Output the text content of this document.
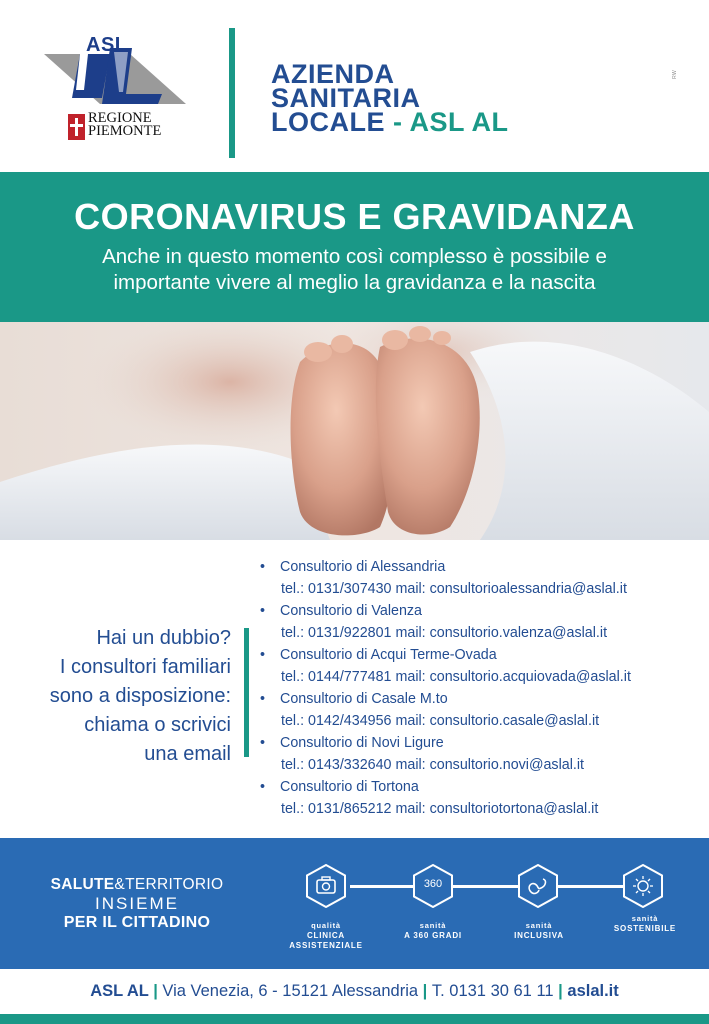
ASL
REGIONE
PIEMONTE
AZIENDA
SANITARIA
LOCALE - ASL AL
RW
CORONAVIRUS E GRAVIDANZA

Anche in questo momento così complesso è possibile e
importante vivere al meglio la gravidanza e la nascita

Hai un dubbio?
I consultori familiari
sono a disposizione:
chiama o scrivici
una email
• Consultorio di Alessandria
tel.: 0131/307430 mail: consultorioalessandria@aslal.it
• Consultorio di Valenza
tel.: 0131/922801 mail: consultorio.valenza@aslal.it
• Consultorio di Acqui Terme-Ovada
tel.: 0144/777481 mail: consultorio.acquiovada@aslal.it
• Consultorio di Casale M.to
tel.: 0142/434956 mail: consultorio.casale@aslal.it
• Consultorio di Novi Ligure
tel.: 0143/332640 mail: consultorio.novi@aslal.it
• Consultorio di Tortona
tel.: 0131/865212 mail: consultoriotortona@aslal.it
SALUTE&TERRITORIO
INSIEME
PER IL CITTADINO	qualità
CLINICA
ASSISTENZIALE
360
sanità
A 360 GRADI
sanità
INCLUSIVA
sanità
SOSTENIBILE
ASL AL | Via Venezia, 6 - 15121 Alessandria | T. 0131 30 61 11 | aslal.it
